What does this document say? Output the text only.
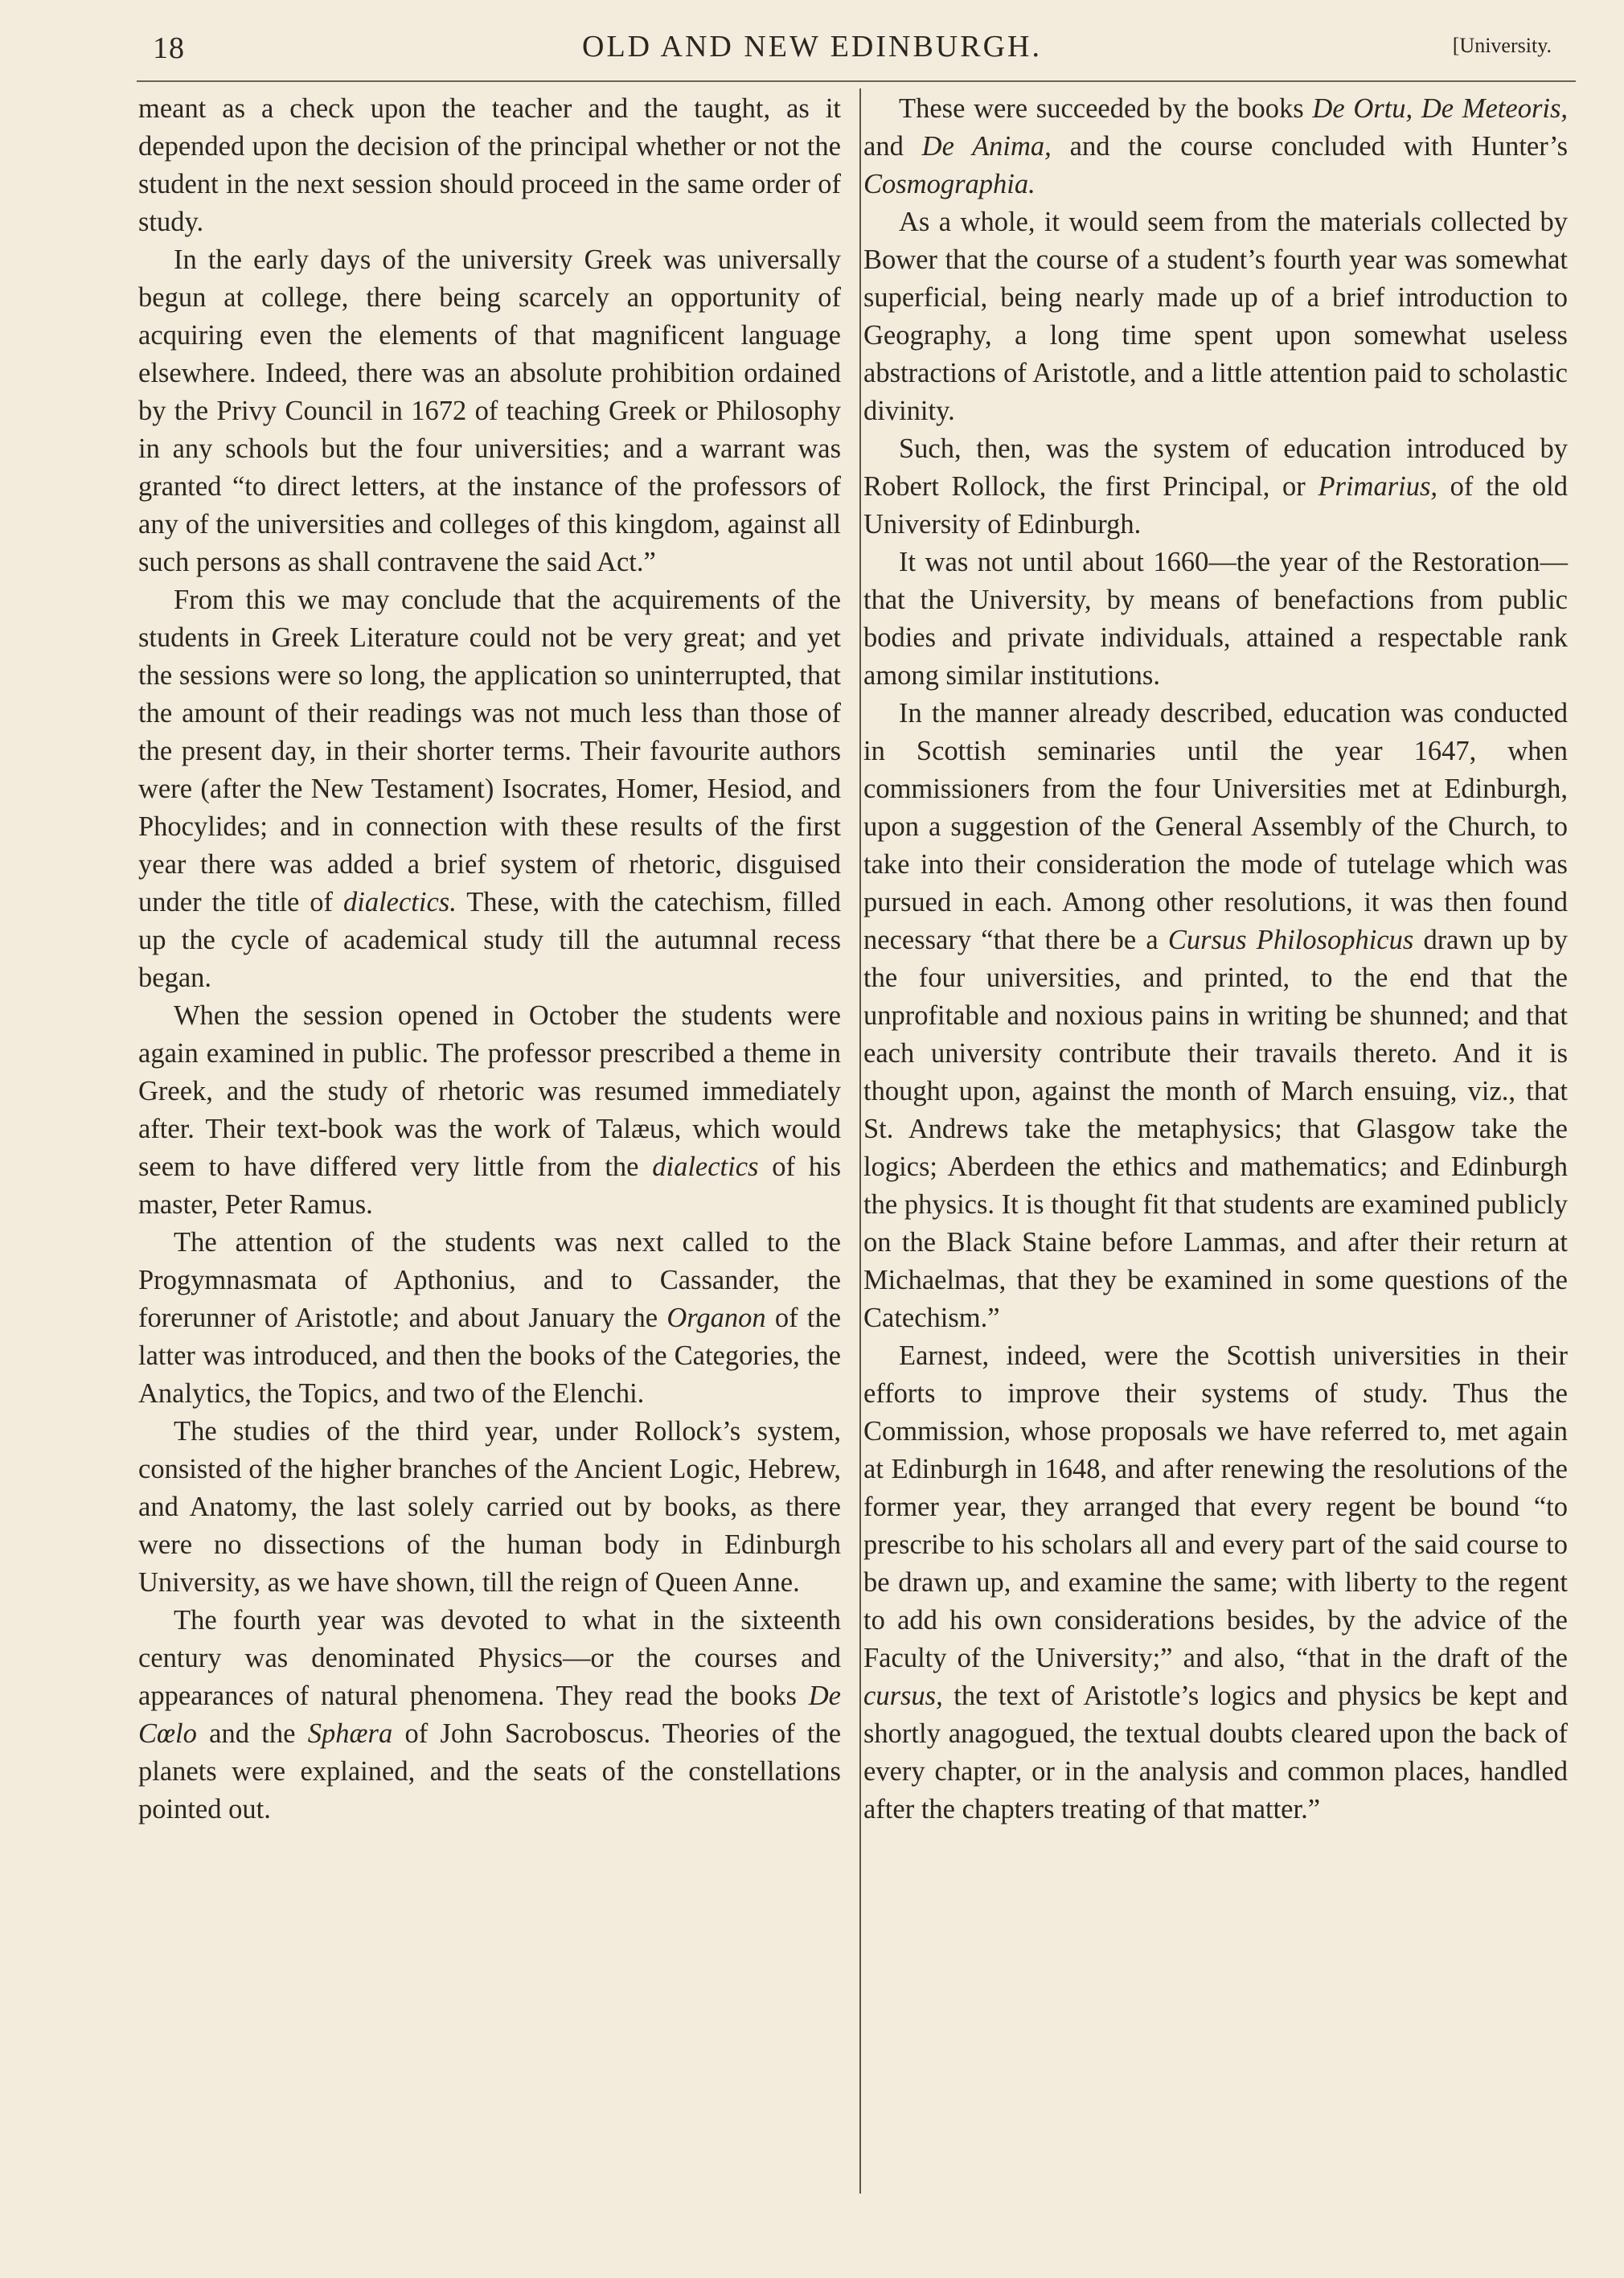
18	OLD AND NEW EDINBURGH.	[University.

meant as a check upon the teacher and the taught, as it depended upon the decision of the principal whether or not the student in the next session should proceed in the same order of study.

In the early days of the university Greek was universally begun at college, there being scarcely an opportunity of acquiring even the elements of that magnificent language elsewhere. Indeed, there was an absolute prohibition ordained by the Privy Council in 1672 of teaching Greek or Philosophy in any schools but the four universities; and a warrant was granted “to direct letters, at the instance of the professors of any of the universities and colleges of this kingdom, against all such persons as shall contravene the said Act.”

From this we may conclude that the acquirements of the students in Greek Literature could not be very great; and yet the sessions were so long, the application so uninterrupted, that the amount of their readings was not much less than those of the present day, in their shorter terms. Their favourite authors were (after the New Testament) Isocrates, Homer, Hesiod, and Phocylides; and in connection with these results of the first year there was added a brief system of rhetoric, disguised under the title of dialectics. These, with the catechism, filled up the cycle of academical study till the autumnal recess began.

When the session opened in October the students were again examined in public. The professor prescribed a theme in Greek, and the study of rhetoric was resumed immediately after. Their text-book was the work of Talæus, which would seem to have differed very little from the dialectics of his master, Peter Ramus.

The attention of the students was next called to the Progymnasmata of Apthonius, and to Cassander, the forerunner of Aristotle; and about January the Organon of the latter was introduced, and then the books of the Categories, the Analytics, the Topics, and two of the Elenchi.

The studies of the third year, under Rollock’s system, consisted of the higher branches of the Ancient Logic, Hebrew, and Anatomy, the last solely carried out by books, as there were no dissections of the human body in Edinburgh University, as we have shown, till the reign of Queen Anne.

The fourth year was devoted to what in the sixteenth century was denominated Physics—or the courses and appearances of natural phenomena. They read the books De Cœlo and the Sphæra of John Sacroboscus. Theories of the planets were explained, and the seats of the constellations pointed out.

These were succeeded by the books De Ortu, De Meteoris, and De Anima, and the course concluded with Hunter’s Cosmographia.

As a whole, it would seem from the materials collected by Bower that the course of a student’s fourth year was somewhat superficial, being nearly made up of a brief introduction to Geography, a long time spent upon somewhat useless abstractions of Aristotle, and a little attention paid to scholastic divinity.

Such, then, was the system of education introduced by Robert Rollock, the first Principal, or Primarius, of the old University of Edinburgh.

It was not until about 1660—the year of the Restoration—that the University, by means of benefactions from public bodies and private individuals, attained a respectable rank among similar institutions.

In the manner already described, education was conducted in Scottish seminaries until the year 1647, when commissioners from the four Universities met at Edinburgh, upon a suggestion of the General Assembly of the Church, to take into their consideration the mode of tutelage which was pursued in each. Among other resolutions, it was then found necessary “that there be a Cursus Philosophicus drawn up by the four universities, and printed, to the end that the unprofitable and noxious pains in writing be shunned; and that each university contribute their travails thereto. And it is thought upon, against the month of March ensuing, viz., that St. Andrews take the metaphysics; that Glasgow take the logics; Aberdeen the ethics and mathematics; and Edinburgh the physics. It is thought fit that students are examined publicly on the Black Staine before Lammas, and after their return at Michaelmas, that they be examined in some questions of the Catechism.”

Earnest, indeed, were the Scottish universities in their efforts to improve their systems of study. Thus the Commission, whose proposals we have referred to, met again at Edinburgh in 1648, and after renewing the resolutions of the former year, they arranged that every regent be bound “to prescribe to his scholars all and every part of the said course to be drawn up, and examine the same; with liberty to the regent to add his own considerations besides, by the advice of the Faculty of the University;” and also, “that in the draft of the cursus, the text of Aristotle’s logics and physics be kept and shortly anagogued, the textual doubts cleared upon the back of every chapter, or in the analysis and common places, handled after the chapters treating of that matter.”
